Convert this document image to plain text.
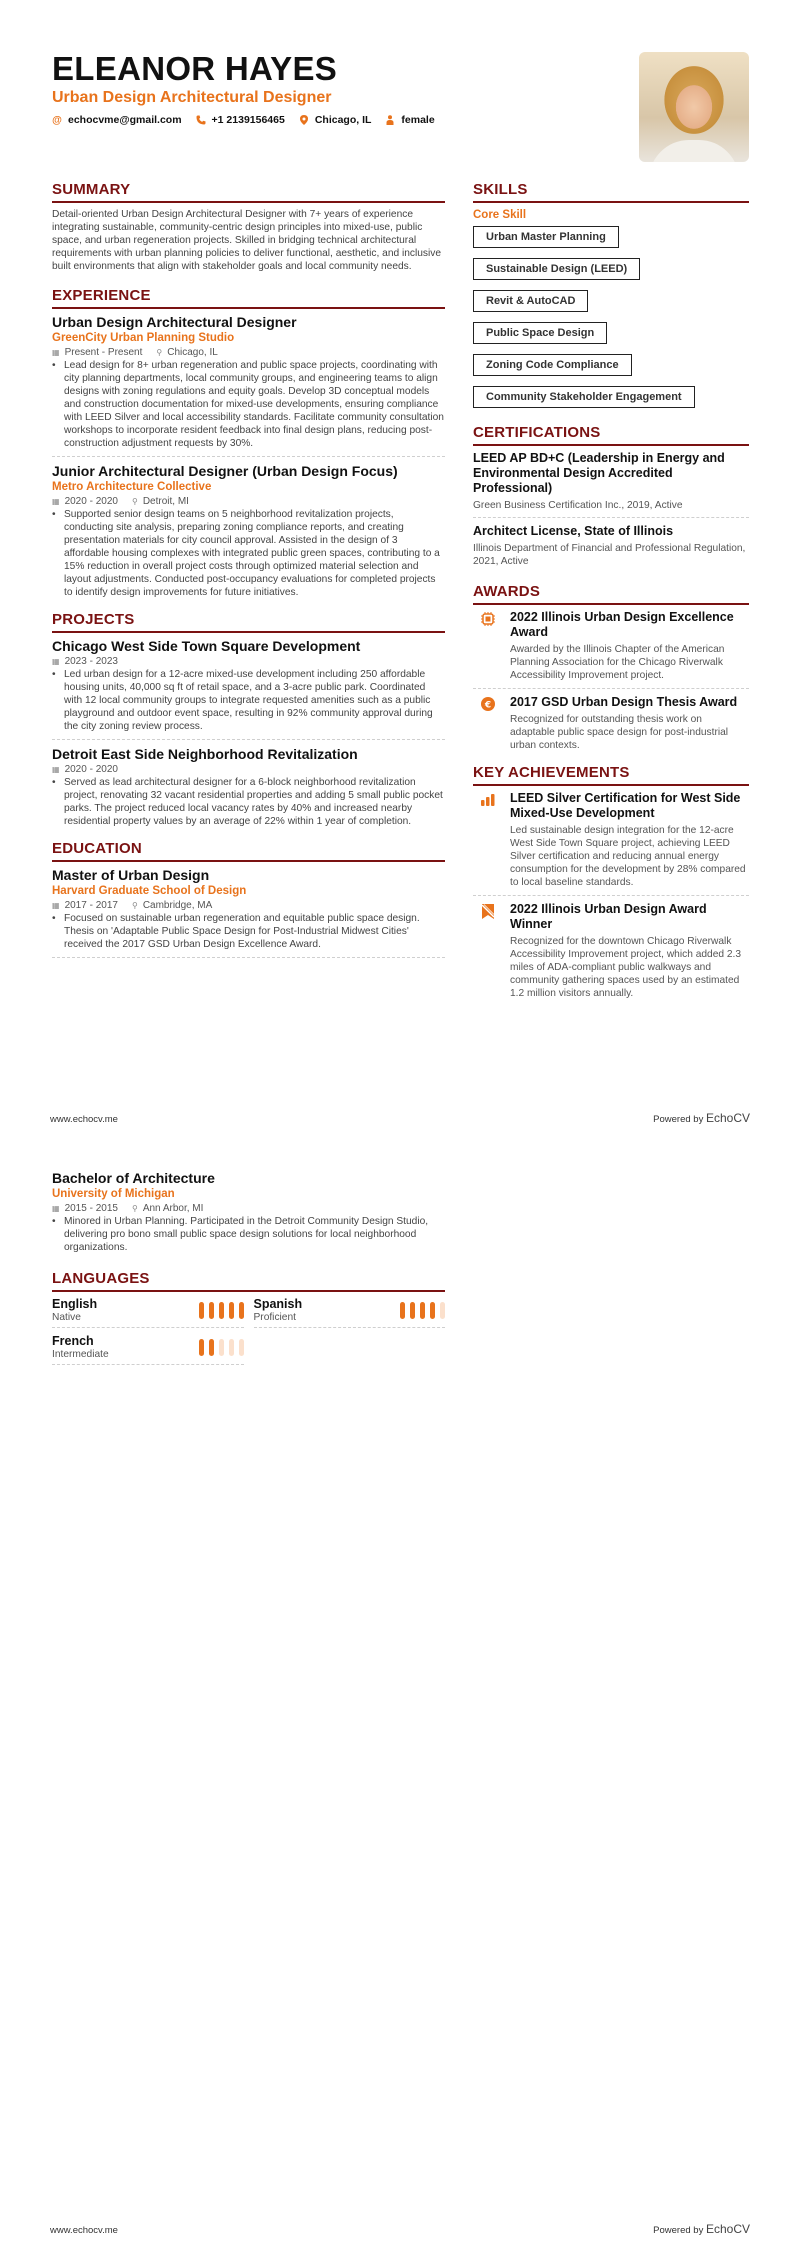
ELEANOR HAYES
Urban Design Architectural Designer
@ echocvme@gmail.com	+1 2139156465	Chicago, IL	female
SUMMARY
Detail-oriented Urban Design Architectural Designer with 7+ years of experience integrating sustainable, community-centric design principles into mixed-use, public space, and urban regeneration projects. Skilled in bridging technical architectural requirements with urban planning policies to deliver functional, aesthetic, and inclusive built environments that align with stakeholder goals and local community needs.
EXPERIENCE
Urban Design Architectural Designer
GreenCity Urban Planning Studio
▦ Present - Present ⚲ Chicago, IL
• Lead design for 8+ urban regeneration and public space projects, coordinating with city planning departments, local community groups, and engineering teams to align designs with zoning regulations and equity goals. Develop 3D conceptual models and construction documentation for mixed-use developments, ensuring compliance with LEED Silver and local accessibility standards. Facilitate community consultation workshops to incorporate resident feedback into final design plans, reducing post-construction adjustment requests by 30%.
Junior Architectural Designer (Urban Design Focus)
Metro Architecture Collective
▦ 2020 - 2020 ⚲ Detroit, MI
• Supported senior design teams on 5 neighborhood revitalization projects, conducting site analysis, preparing zoning compliance reports, and creating presentation materials for city council approval. Assisted in the design of 3 affordable housing complexes with integrated public green spaces, contributing to a 15% reduction in overall project costs through optimized material selection and layout adjustments. Conducted post-occupancy evaluations for completed projects to identify design improvements for future initiatives.
PROJECTS
Chicago West Side Town Square Development
▦ 2023 - 2023
• Led urban design for a 12-acre mixed-use development including 250 affordable housing units, 40,000 sq ft of retail space, and a 3-acre public park. Coordinated with 12 local community groups to integrate requested amenities such as a public playground and outdoor event space, resulting in 92% community approval during the city zoning review process.
Detroit East Side Neighborhood Revitalization
▦ 2020 - 2020
• Served as lead architectural designer for a 6-block neighborhood revitalization project, renovating 32 vacant residential properties and adding 5 small public pocket parks. The project reduced local vacancy rates by 40% and increased nearby residential property values by an average of 22% within 1 year of completion.
EDUCATION
Master of Urban Design
Harvard Graduate School of Design
▦ 2017 - 2017 ⚲ Cambridge, MA
• Focused on sustainable urban regeneration and equitable public space design. Thesis on 'Adaptable Public Space Design for Post-Industrial Midwest Cities' received the 2017 GSD Urban Design Excellence Award.
SKILLS
Core Skill
Urban Master Planning
Sustainable Design (LEED)
Revit & AutoCAD
Public Space Design
Zoning Code Compliance
Community Stakeholder Engagement
CERTIFICATIONS
LEED AP BD+C (Leadership in Energy and Environmental Design Accredited Professional)
Green Business Certification Inc., 2019, Active
Architect License, State of Illinois
Illinois Department of Financial and Professional Regulation, 2021, Active
AWARDS
2022 Illinois Urban Design Excellence Award
Awarded by the Illinois Chapter of the American Planning Association for the Chicago Riverwalk Accessibility Improvement project.
€ 2017 GSD Urban Design Thesis Award
Recognized for outstanding thesis work on adaptable public space design for post-industrial urban contexts.
KEY ACHIEVEMENTS
LEED Silver Certification for West Side Mixed-Use Development
Led sustainable design integration for the 12-acre West Side Town Square project, achieving LEED Silver certification and reducing annual energy consumption for the development by 28% compared to local baseline standards.
2022 Illinois Urban Design Award Winner
Recognized for the downtown Chicago Riverwalk Accessibility Improvement project, which added 2.3 miles of ADA-compliant public walkways and community gathering spaces used by an estimated 1.2 million visitors annually.
www.echocv.me	Powered by EchoCV
Bachelor of Architecture
University of Michigan
▦ 2015 - 2015 ⚲ Ann Arbor, MI
• Minored in Urban Planning. Participated in the Detroit Community Design Studio, delivering pro bono small public space design solutions for local neighborhood organizations.
LANGUAGES
English
Native
Spanish
Proficient
French
Intermediate
www.echocv.me	Powered by EchoCV
